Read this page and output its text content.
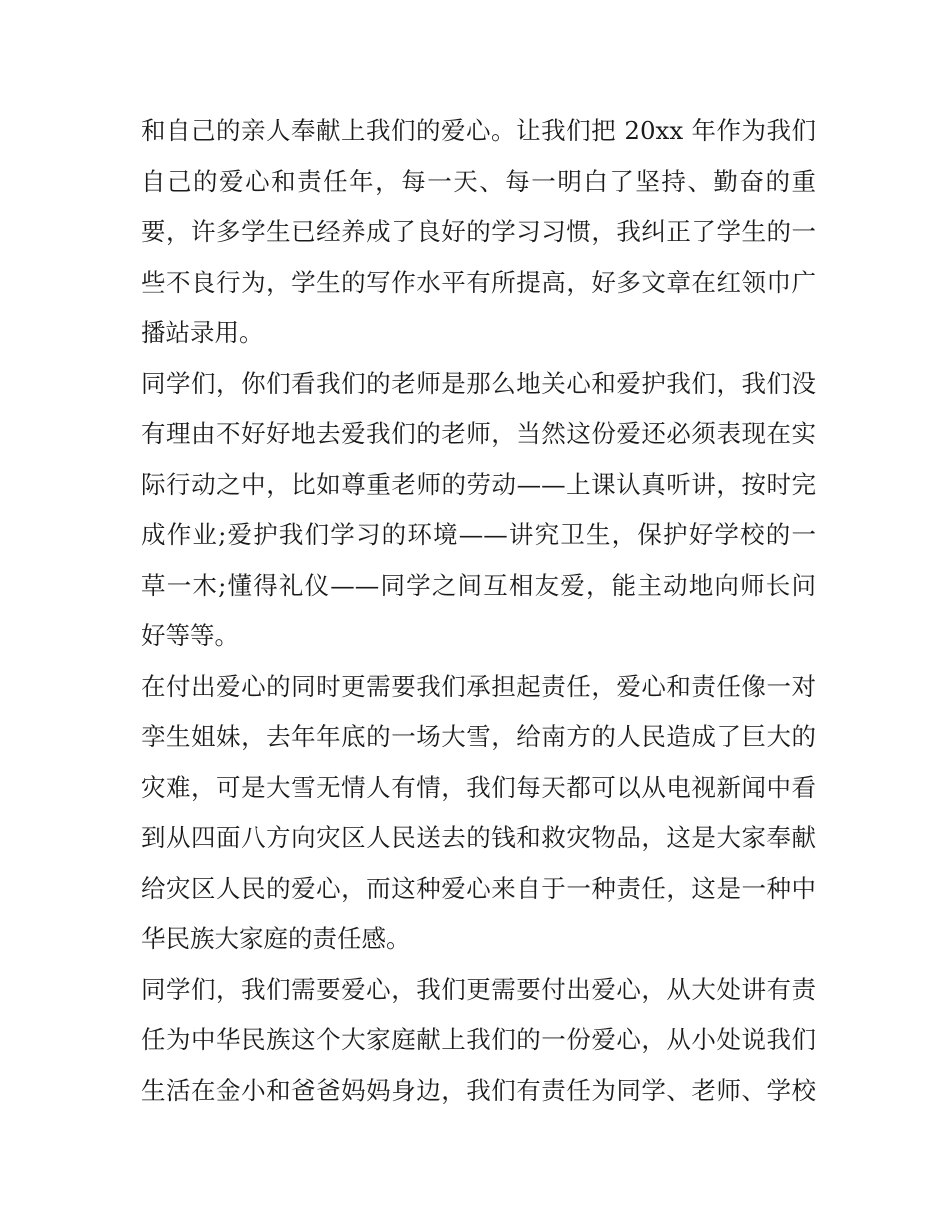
和自己的亲人奉献上我们的爱心。让我们把 20xx 年作为我们
自己的爱心和责任年，每一天、每一明白了坚持、勤奋的重
要，许多学生已经养成了良好的学习习惯，我纠正了学生的一
些不良行为，学生的写作水平有所提高，好多文章在红领巾广
播站录用。
同学们，你们看我们的老师是那么地关心和爱护我们，我们没
有理由不好好地去爱我们的老师，当然这份爱还必须表现在实
际行动之中，比如尊重老师的劳动——上课认真听讲，按时完
成作业;爱护我们学习的环境——讲究卫生，保护好学校的一
草一木;懂得礼仪——同学之间互相友爱，能主动地向师长问
好等等。
在付出爱心的同时更需要我们承担起责任，爱心和责任像一对
孪生姐妹，去年年底的一场大雪，给南方的人民造成了巨大的
灾难，可是大雪无情人有情，我们每天都可以从电视新闻中看
到从四面八方向灾区人民送去的钱和救灾物品，这是大家奉献
给灾区人民的爱心，而这种爱心来自于一种责任，这是一种中
华民族大家庭的责任感。
同学们，我们需要爱心，我们更需要付出爱心，从大处讲有责
任为中华民族这个大家庭献上我们的一份爱心，从小处说我们
生活在金小和爸爸妈妈身边，我们有责任为同学、老师、学校
